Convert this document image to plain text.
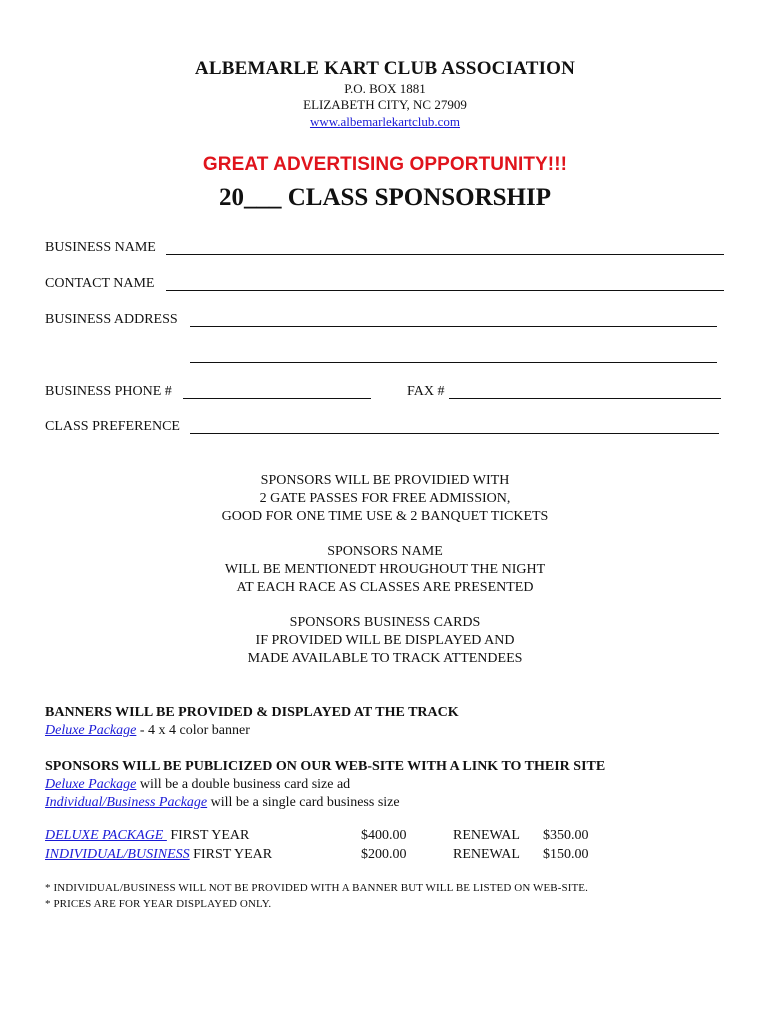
ALBEMARLE KART CLUB ASSOCIATION
P.O. BOX 1881
ELIZABETH CITY, NC 27909
www.albemarlekartclub.com
GREAT ADVERTISING OPPORTUNITY!!!
20___ CLASS SPONSORSHIP
BUSINESS NAME
CONTACT NAME
BUSINESS ADDRESS
BUSINESS PHONE #	FAX #
CLASS PREFERENCE
SPONSORS WILL BE PROVIDIED WITH
2 GATE PASSES FOR FREE ADMISSION,
GOOD FOR ONE TIME USE & 2 BANQUET TICKETS
SPONSORS NAME
WILL BE MENTIONEDT HROUGHOUT THE NIGHT
AT EACH RACE AS CLASSES ARE PRESENTED
SPONSORS BUSINESS CARDS
IF PROVIDED WILL BE DISPLAYED AND
MADE AVAILABLE TO TRACK ATTENDEES
BANNERS WILL BE PROVIDED & DISPLAYED AT THE TRACK
Deluxe Package - 4 x 4 color banner
SPONSORS WILL BE PUBLICIZED ON OUR WEB-SITE WITH A LINK TO THEIR SITE
Deluxe Package will be a double business card size ad
Individual/Business Package will be a single card business size
DELUXE PACKAGE  FIRST YEAR	$400.00	RENEWAL $350.00
INDIVIDUAL/BUSINESS FIRST YEAR	$200.00	RENEWAL $150.00
* INDIVIDUAL/BUSINESS WILL NOT BE PROVIDED WITH A BANNER BUT WILL BE LISTED ON WEB-SITE.
* PRICES ARE FOR YEAR DISPLAYED ONLY.
